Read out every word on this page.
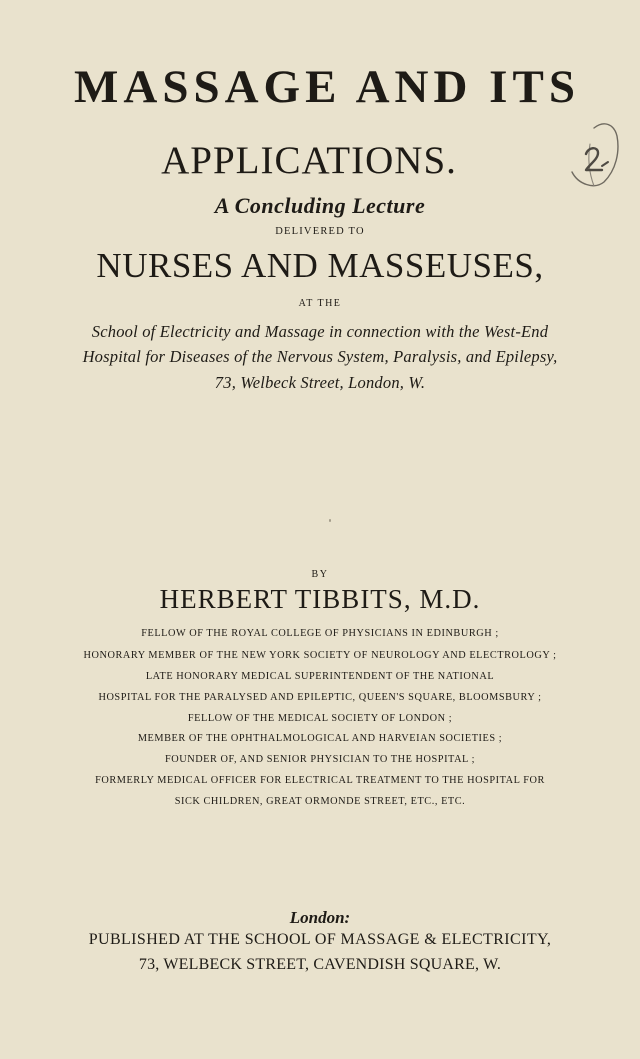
MASSAGE AND ITS
APPLICATIONS.
A Concluding Lecture
DELIVERED TO
NURSES AND MASSEUSES,
AT THE
School of Electricity and Massage in connection with the West-End
Hospital for Diseases of the Nervous System, Paralysis, and Epilepsy,
73, Welbeck Street, London, W.
BY
HERBERT TIBBITS, M.D.
FELLOW OF THE ROYAL COLLEGE OF PHYSICIANS IN EDINBURGH ;
HONORARY MEMBER OF THE NEW YORK SOCIETY OF NEUROLOGY AND ELECTROLOGY ;
LATE HONORARY MEDICAL SUPERINTENDENT OF THE NATIONAL
HOSPITAL FOR THE PARALYSED AND EPILEPTIC, QUEEN'S SQUARE, BLOOMSBURY ;
FELLOW OF THE MEDICAL SOCIETY OF LONDON ;
MEMBER OF THE OPHTHALMOLOGICAL AND HARVEIAN SOCIETIES ;
FOUNDER OF, AND SENIOR PHYSICIAN TO THE HOSPITAL ;
FORMERLY MEDICAL OFFICER FOR ELECTRICAL TREATMENT TO THE HOSPITAL FOR
SICK CHILDREN, GREAT ORMONDE STREET, ETC., ETC.
London:
PUBLISHED AT THE SCHOOL OF MASSAGE & ELECTRICITY,
73, WELBECK STREET, CAVENDISH SQUARE, W.
